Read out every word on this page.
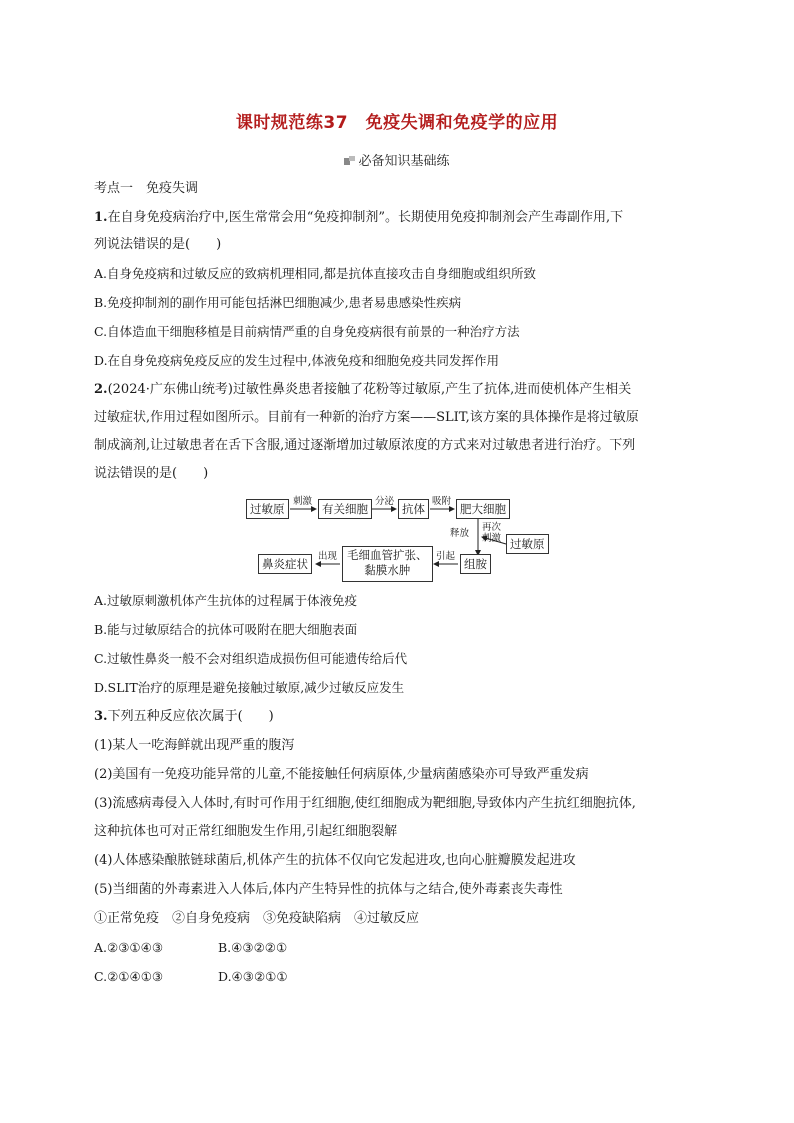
课时规范练37　免疫失调和免疫学的应用
必备知识基础练
考点一　免疫失调
1.在自身免疫病治疗中,医生常常会用“免疫抑制剂”。长期使用免疫抑制剂会产生毒副作用,下
列说法错误的是(　　)
A.自身免疫病和过敏反应的致病机理相同,都是抗体直接攻击自身细胞或组织所致
B.免疫抑制剂的副作用可能包括淋巴细胞减少,患者易患感染性疾病
C.自体造血干细胞移植是目前病情严重的自身免疫病很有前景的一种治疗方法
D.在自身免疫病免疫反应的发生过程中,体液免疫和细胞免疫共同发挥作用
2.(2024·广东佛山统考)过敏性鼻炎患者接触了花粉等过敏原,产生了抗体,进而使机体产生相关
过敏症状,作用过程如图所示。目前有一种新的治疗方案——SLIT,该方案的具体操作是将过敏原
制成滴剂,让过敏患者在舌下含服,通过逐渐增加过敏原浓度的方式来对过敏患者进行治疗。下列
说法错误的是(　　)
过敏原	有关细胞	抗体	肥大细胞
过敏原
组胺
毛细血管扩张、
黏膜水肿
鼻炎症状
刺激	分泌	吸附
释放
再次
刺激
引起
出现
A.过敏原刺激机体产生抗体的过程属于体液免疫
B.能与过敏原结合的抗体可吸附在肥大细胞表面
C.过敏性鼻炎一般不会对组织造成损伤但可能遗传给后代
D.SLIT治疗的原理是避免接触过敏原,减少过敏反应发生
3.下列五种反应依次属于(　　)
(1)某人一吃海鲜就出现严重的腹泻
(2)美国有一免疫功能异常的儿童,不能接触任何病原体,少量病菌感染亦可导致严重发病
(3)流感病毒侵入人体时,有时可作用于红细胞,使红细胞成为靶细胞,导致体内产生抗红细胞抗体,
这种抗体也可对正常红细胞发生作用,引起红细胞裂解
(4)人体感染酿脓链球菌后,机体产生的抗体不仅向它发起进攻,也向心脏瓣膜发起进攻
(5)当细菌的外毒素进入人体后,体内产生特异性的抗体与之结合,使外毒素丧失毒性
①正常免疫　②自身免疫病　③免疫缺陷病　④过敏反应
A.②③①④③	B.④③②②①
C.②①④①③	D.④③②①①
